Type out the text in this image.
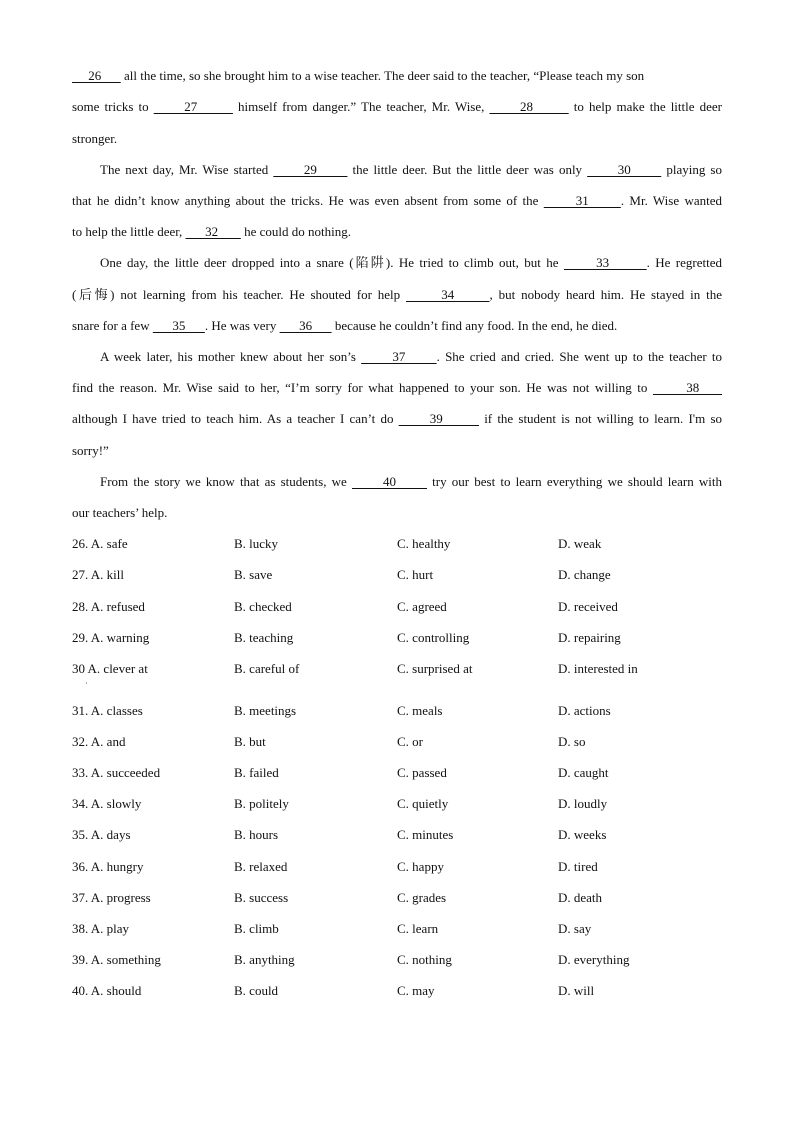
26       all the time, so she brought him to a wise teacher. The deer said to the teacher, “Please teach my son
some tricks to       27        himself from danger.” The teacher, Mr. Wise,       28        to help make the little deer
stronger.
The next day, Mr. Wise started       29       the little deer. But the little deer was only       30       playing so
that he didn’t know anything about the tricks. He was even absent from some of the       31      . Mr. Wise wanted
to help the little deer,       32        he could do nothing.
One day, the little deer dropped into a snare (陷阱). He tried to climb out, but he       33       . He regretted
(后悔) not learning from his teacher. He shouted for help       34      , but nobody heard him. He stayed in the
snare for a few       35      . He was very       36       because he couldn’t find any food. In the end, he died.
A week later, his mother knew about her son’s       37      . She cried and cried. She went up to the teacher to
find the reason. Mr. Wise said to her, “I’m sorry for what happened to your son. He was not willing to       38
although I have tried to teach him. As a teacher I can’t do       39        if the student is not willing to learn. I'm so
sorry!”
From the story we know that as students, we       40       try our best to learn everything we should learn with
our teachers’ help.
26. A. safe	B. lucky	C. healthy	D. weak
27. A. kill	B. save	C. hurt	D. change
28. A. refused	B. checked	C. agreed	D. received
29. A. warning	B. teaching	C. controlling	D. repairing
30 A. clever at	B. careful of	C. surprised at	D. interested in
·
31. A. classes	B. meetings	C. meals	D. actions
32. A. and	B. but	C. or	D. so
33. A. succeeded	B. failed	C. passed	D. caught
34. A. slowly	B. politely	C. quietly	D. loudly
35. A. days	B. hours	C. minutes	D. weeks
36. A. hungry	B. relaxed	C. happy	D. tired
37. A. progress	B. success	C. grades	D. death
38. A. play	B. climb	C. learn	D. say
39. A. something	B. anything	C. nothing	D. everything
40. A. should	B. could	C. may	D. will
